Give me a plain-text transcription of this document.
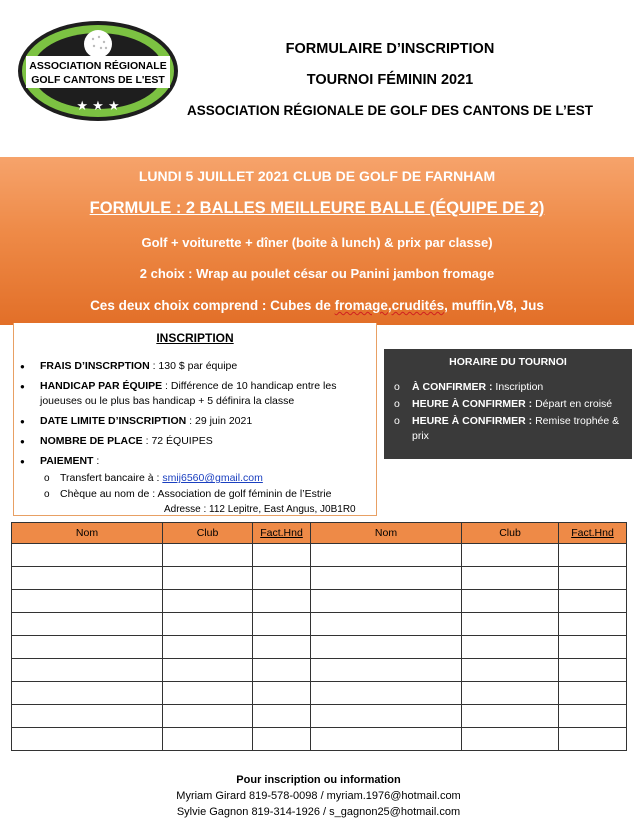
ASSOCIATION RÉGIONALE
GOLF CANTONS DE L'EST
★ ★ ★
FORMULAIRE D’INSCRIPTION
TOURNOI FÉMININ 2021
ASSOCIATION RÉGIONALE DE GOLF DES CANTONS DE L’EST
LUNDI 5 JUILLET 2021 CLUB DE GOLF DE FARNHAM
FORMULE : 2 BALLES MEILLEURE BALLE (ÉQUIPE DE 2)
Golf + voiturette + dîner (boite à lunch) & prix par classe)
2 choix : Wrap au poulet césar ou Panini jambon fromage
Ces deux choix comprend : Cubes de fromage,crudités, muffin,V8, Jus
INSCRIPTION
● FRAIS D’INSCRPTION : 130 $ par équipe
● HANDICAP PAR ÉQUIPE : Différence de 10 handicap entre les joueuses ou le plus bas handicap + 5 définira la classe
● DATE LIMITE D’INSCRIPTION : 29 juin 2021
● NOMBRE DE PLACE : 72 ÉQUIPES
● PAIEMENT :
o Transfert bancaire à : smij6560@gmail.com
o Chèque au nom de : Association de golf féminin de l’Estrie
Adresse : 112 Lepitre, East Angus, J0B1R0
HORAIRE DU TOURNOI
o À CONFIRMER : Inscription
o HEURE À CONFIRMER : Départ en croisé
o HEURE À CONFIRMER : Remise trophée & prix
Nom	Club	Fact.Hnd	Nom	Club	Fact.Hnd

Pour inscription ou information
Myriam Girard 819-578-0098 / myriam.1976@hotmail.com
Sylvie Gagnon 819-314-1926 / s_gagnon25@hotmail.com
